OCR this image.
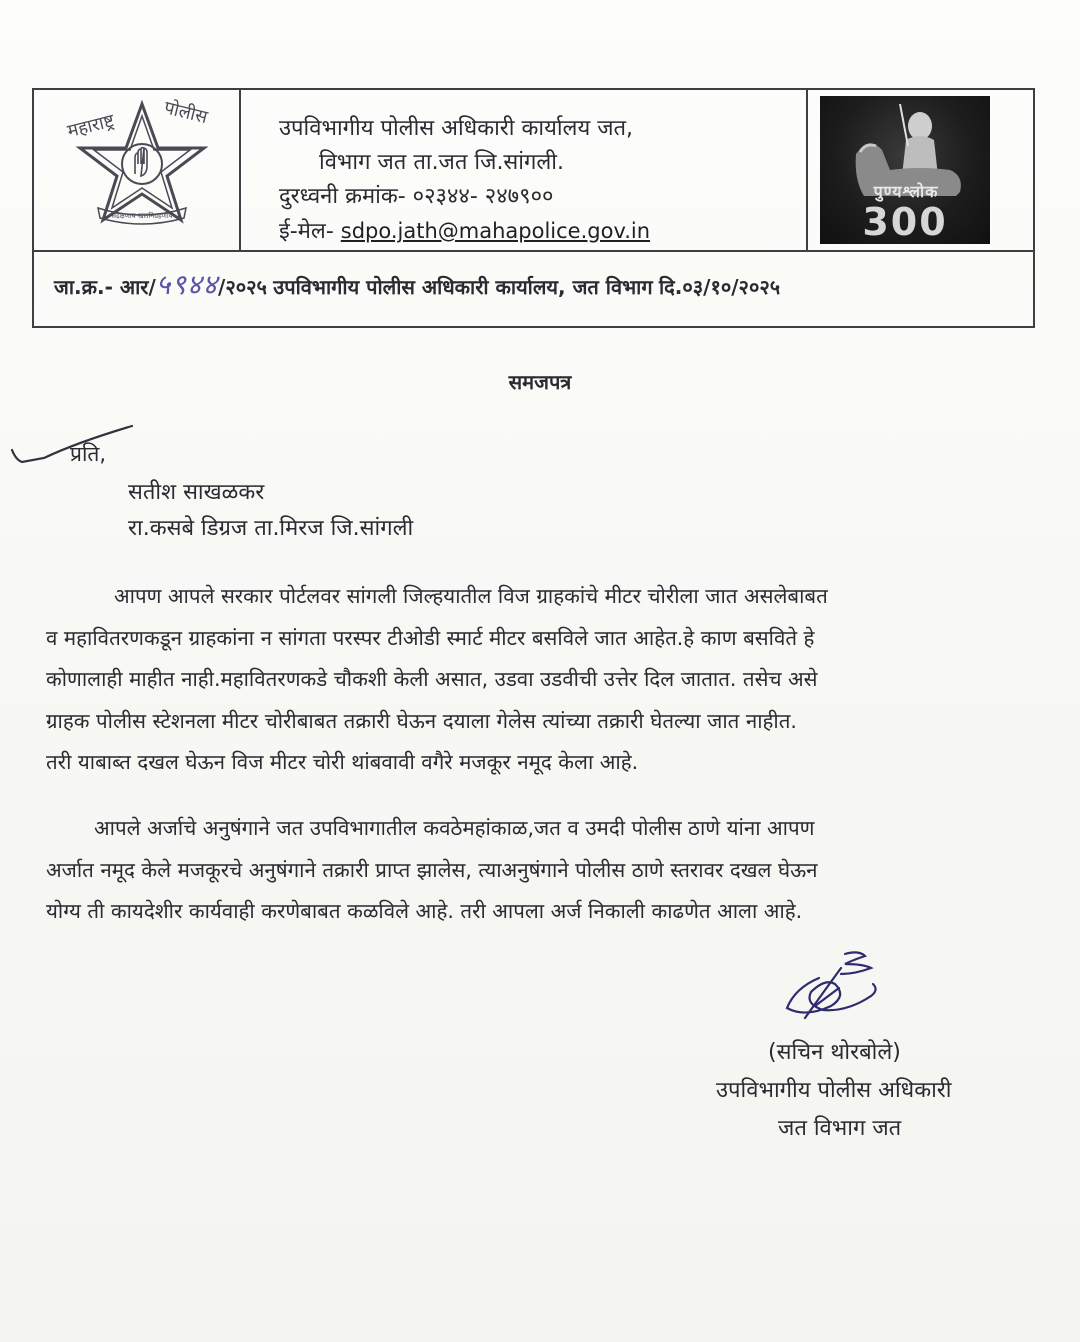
सद्रक्षणाय खलनिग्रहणाय
महाराष्ट्र	पोलीस
उपविभागीय पोलीस अधिकारी कार्यालय जत,
विभाग जत ता.जत जि.सांगली.
दुरध्वनी क्रमांक- ०२३४४- २४७९००
ई-मेल- sdpo.jath@mahapolice.gov.in
पुण्यश्लोक
300
जा.क्र.- आर/५९४४/२०२५ उपविभागीय पोलीस अधिकारी कार्यालय, जत विभाग दि.०३/१०/२०२५
समजपत्र
प्रति,
सतीश साखळकर
रा.कसबे डिग्रज ता.मिरज जि.सांगली
आपण आपले सरकार पोर्टलवर सांगली जिल्हयातील विज ग्राहकांचे मीटर चोरीला जात असलेबाबत
व महावितरणकडून ग्राहकांना न सांगता परस्पर टीओडी स्मार्ट मीटर बसविले जात आहेत.हे काण बसविते हे
कोणालाही माहीत नाही.महावितरणकडे चौकशी केली असात, उडवा उडवीची उत्तेर दिल जातात. तसेच असे
ग्राहक पोलीस स्टेशनला मीटर चोरीबाबत तक्रारी घेऊन दयाला गेलेस त्यांच्या तक्रारी घेतल्या जात नाहीत.
तरी याबाब्त दखल घेऊन विज मीटर चोरी थांबवावी वगैरे मजकूर नमूद केला आहे.
आपले अर्जाचे अनुषंगाने जत उपविभागातील कवठेमहांकाळ,जत व उमदी पोलीस ठाणे यांना आपण
अर्जात नमूद केले मजकूरचे अनुषंगाने तक्रारी प्राप्त झालेस, त्याअनुषंगाने पोलीस ठाणे स्तरावर दखल घेऊन
योग्य ती कायदेशीर कार्यवाही करणेबाबत कळविले आहे. तरी आपला अर्ज निकाली काढणेत आला आहे.
(सचिन थोरबोले)
उपविभागीय पोलीस अधिकारी
जत विभाग जत
